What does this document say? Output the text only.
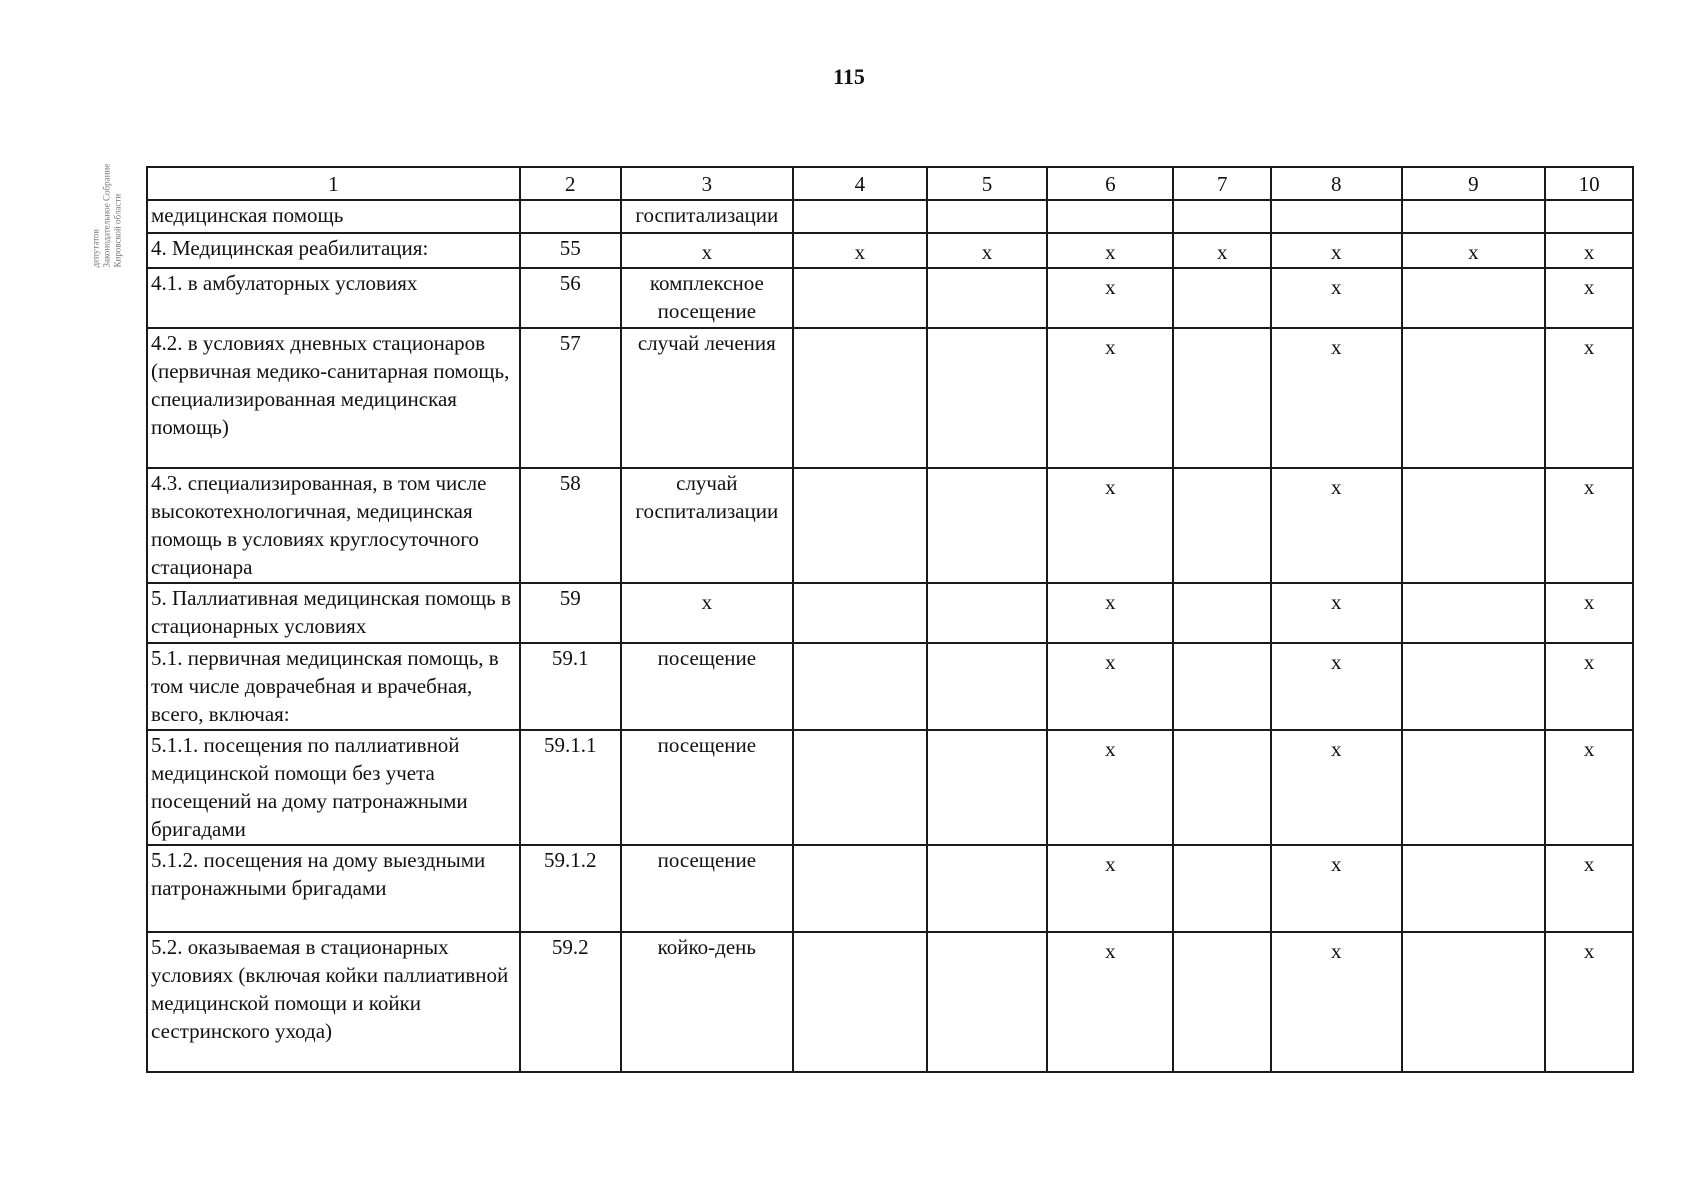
115
депутатов Законодательное Собрание Кировской области
1	2	3	4	5	6	7	8	9	10
медицинская помощь		госпитализации							
4. Медицинская реабилитация:	55	х	х	х	х	х	х	х	х
4.1. в амбулаторных условиях	56	комплексное посещение			х		х		х
4.2. в условиях дневных стационаров (первичная медико-санитарная помощь, специализированная медицинская помощь)	57	случай лечения			х		х		х
4.3. специализированная, в том числе высокотехнологичная, медицинская помощь в условиях круглосуточного стационара	58	случай госпитализации			х		х		х
5. Паллиативная медицинская помощь в стационарных условиях	59	х			х		х		х
5.1. первичная медицинская помощь, в том числе доврачебная и врачебная, всего, включая:	59.1	посещение			х		х		х
5.1.1. посещения по паллиативной медицинской помощи без учета посещений на дому патронажными бригадами	59.1.1	посещение			х		х		х
5.1.2. посещения на дому выездными патронажными бригадами	59.1.2	посещение			х		х		х
5.2. оказываемая в стационарных условиях (включая койки паллиативной медицинской помощи и койки сестринского ухода)	59.2	койко-день			х		х		х
